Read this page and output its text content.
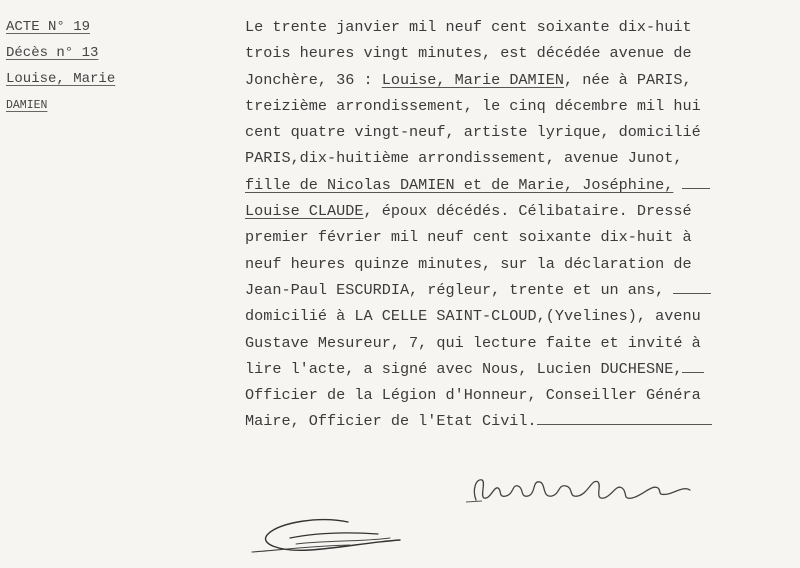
ACTE N° 19
Décès n° 13
Louise, Marie
DAMIEN
Le trente janvier mil neuf cent soixante dix-huit
trois heures vingt minutes, est décédée avenue de
Jonchère, 36 : Louise, Marie DAMIEN, née à PARIS,
treizième arrondissement, le cinq décembre mil hui
cent quatre vingt-neuf, artiste lyrique, domicilié
PARIS,dix-huitième arrondissement, avenue Junot,
fille de Nicolas DAMIEN et de Marie, Joséphine,
Louise CLAUDE, époux décédés. Célibataire. Dressé
premier février mil neuf cent soixante dix-huit à
neuf heures quinze minutes, sur la déclaration de
Jean-Paul ESCURDIA, régleur, trente et un ans,
domicilié à LA CELLE SAINT-CLOUD,(Yvelines), avenu
Gustave Mesureur, 7, qui lecture faite et invité à
lire l'acte, a signé avec Nous, Lucien DUCHESNE,
Officier de la Légion d'Honneur, Conseiller Généra
Maire, Officier de l'Etat Civil.
